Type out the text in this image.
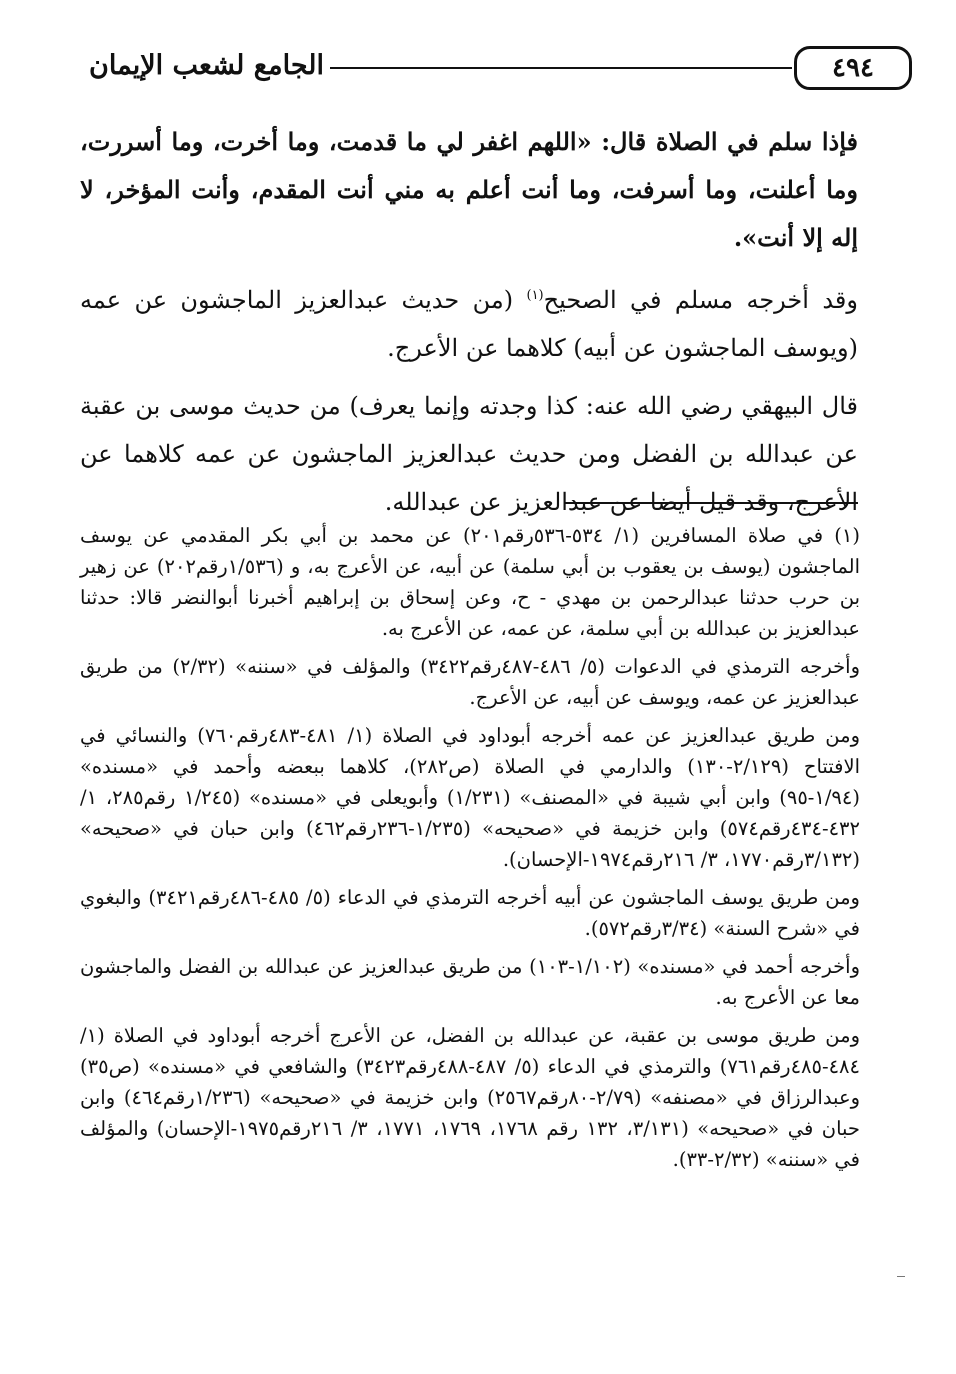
٤٩٤
الجامع لشعب الإيمان

فإذا سلم في الصلاة قال: «اللهم اغفر لي ما قدمت، وما أخرت، وما أسررت، وما أعلنت، وما أسرفت، وما أنت أعلم به مني أنت المقدم، وأنت المؤخر، لا إله إلا أنت».

وقد أخرجه مسلم في الصحيح$^{(١)}$ (من حديث عبدالعزيز الماجشون عن عمه (ويوسف الماجشون عن أبيه) كلاهما عن الأعرج.

قال البيهقي رضي الله عنه: كذا وجدته وإنما يعرف) من حديث موسى بن عقبة عن عبدالله بن الفضل ومن حديث عبدالعزيز الماجشون عن عمه كلاهما عن الأعرج، وقد قيل أيضا عن عبدالعزيز عن عبدالله.

(١) في صلاة المسافرين (١/ ٥٣٤-٥٣٦رقم٢٠١) عن محمد بن أبي بكر المقدمي عن يوسف الماجشون (يوسف بن يعقوب بن أبي سلمة) عن أبيه، عن الأعرج به، و (١/٥٣٦رقم٢٠٢) عن زهير بن حرب حدثنا عبدالرحمن بن مهدي - ح، وعن إسحاق بن إبراهيم أخبرنا أبوالنضر قالا: حدثنا عبدالعزيز بن عبدالله بن أبي سلمة، عن عمه، عن الأعرج به.

وأخرجه الترمذي في الدعوات (٥/ ٤٨٦-٤٨٧رقم٣٤٢٢) والمؤلف في «سننه» (٢/٣٢) من طريق عبدالعزيز عن عمه، ويوسف عن أبيه، عن الأعرج.

ومن طريق عبدالعزيز عن عمه أخرجه أبوداود في الصلاة (١/ ٤٨١-٤٨٣رقم٧٦٠) والنسائي في الافتتاح (٢/١٢٩-١٣٠) والدارمي في الصلاة (ص٢٨٢)، كلاهما ببعضه وأحمد في «مسنده» (١/٩٤-٩٥) وابن أبي شيبة في «المصنف» (١/٢٣١) وأبويعلى في «مسنده» (١/٢٤٥ رقم٢٨٥، ١/ ٤٣٢-٤٣٤رقم٥٧٤) وابن خزيمة في «صحيحه» (١/٢٣٥-٢٣٦رقم٤٦٢) وابن حبان في «صحيحه» (٣/١٣٢رقم١٧٧٠، ٣/ ٢١٦رقم١٩٧٤-الإحسان).

ومن طريق يوسف الماجشون عن أبيه أخرجه الترمذي في الدعاء (٥/ ٤٨٥-٤٨٦رقم٣٤٢١) والبغوي في «شرح السنة» (٣/٣٤رقم٥٧٢).

وأخرجه أحمد في «مسنده» (١/١٠٢-١٠٣) من طريق عبدالعزيز عن عبدالله بن الفضل والماجشون معا عن الأعرج به.

ومن طريق موسى بن عقبة، عن عبدالله بن الفضل، عن الأعرج أخرجه أبوداود في الصلاة (١/ ٤٨٤-٤٨٥رقم٧٦١) والترمذي في الدعاء (٥/ ٤٨٧-٤٨٨رقم٣٤٢٣) والشافعي في «مسنده» (ص٣٥) وعبدالرزاق في «مصنفه» (٢/٧٩-٨٠رقم٢٥٦٧) وابن خزيمة في «صحيحه» (١/٢٣٦رقم٤٦٤) وابن حبان في «صحيحه» (٣/١٣١، ١٣٢ رقم ١٧٦٨، ١٧٦٩، ١٧٧١، ٣/ ٢١٦رقم١٩٧٥-الإحسان) والمؤلف في «سننه» (٢/٣٢-٣٣).
